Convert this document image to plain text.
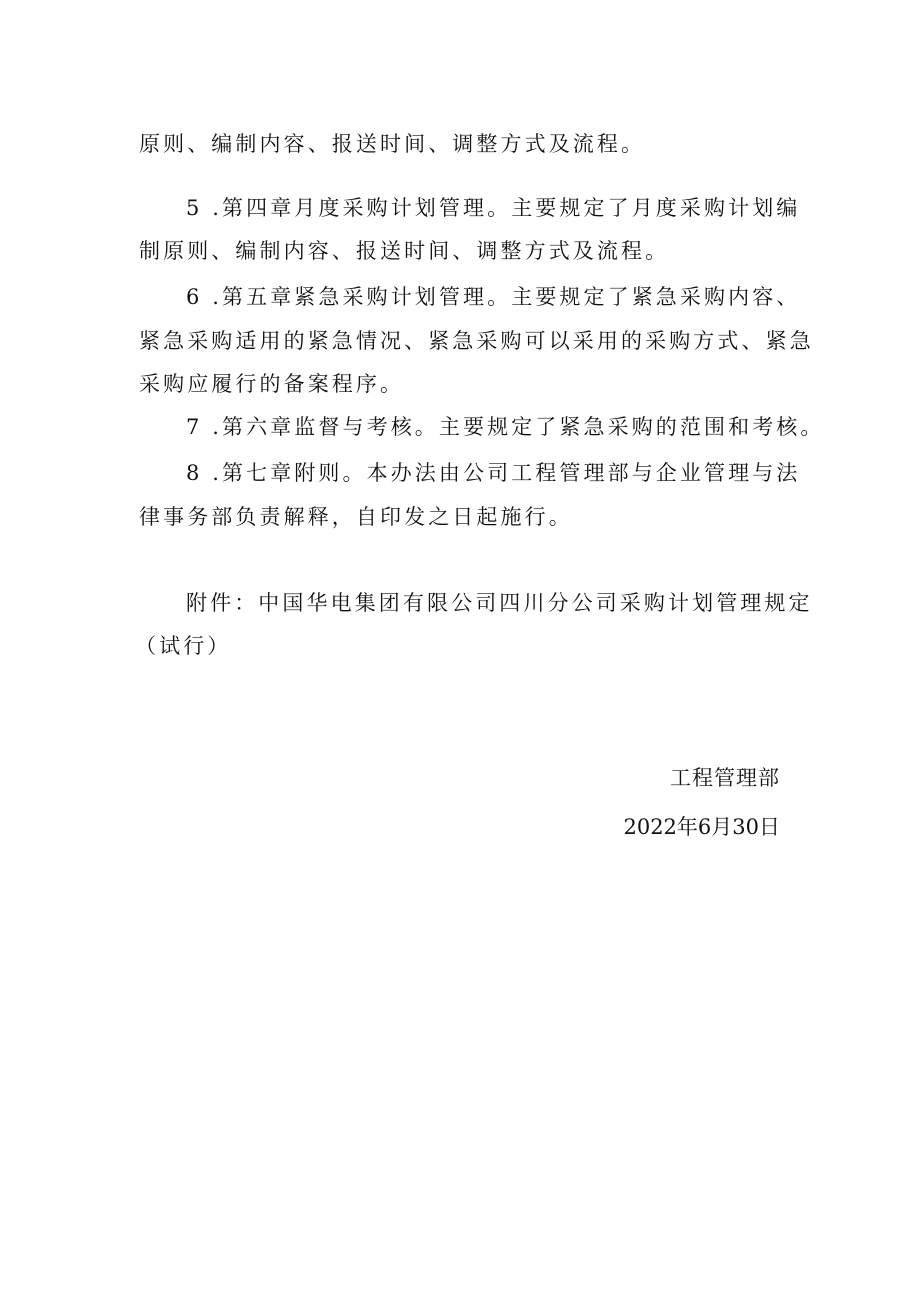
原则、编制内容、报送时间、调整方式及流程。
5 .第四章月度采购计划管理。主要规定了月度采购计划编
制原则、编制内容、报送时间、调整方式及流程。
6 .第五章紧急采购计划管理。主要规定了紧急采购内容、
紧急采购适用的紧急情况、紧急采购可以采用的采购方式、紧急
采购应履行的备案程序。
7 .第六章监督与考核。主要规定了紧急采购的范围和考核。
8 .第七章附则。本办法由公司工程管理部与企业管理与法
律事务部负责解释，自印发之日起施行。
附件：中国华电集团有限公司四川分公司采购计划管理规定
（试行）
工程管理部
2022年6月30日
